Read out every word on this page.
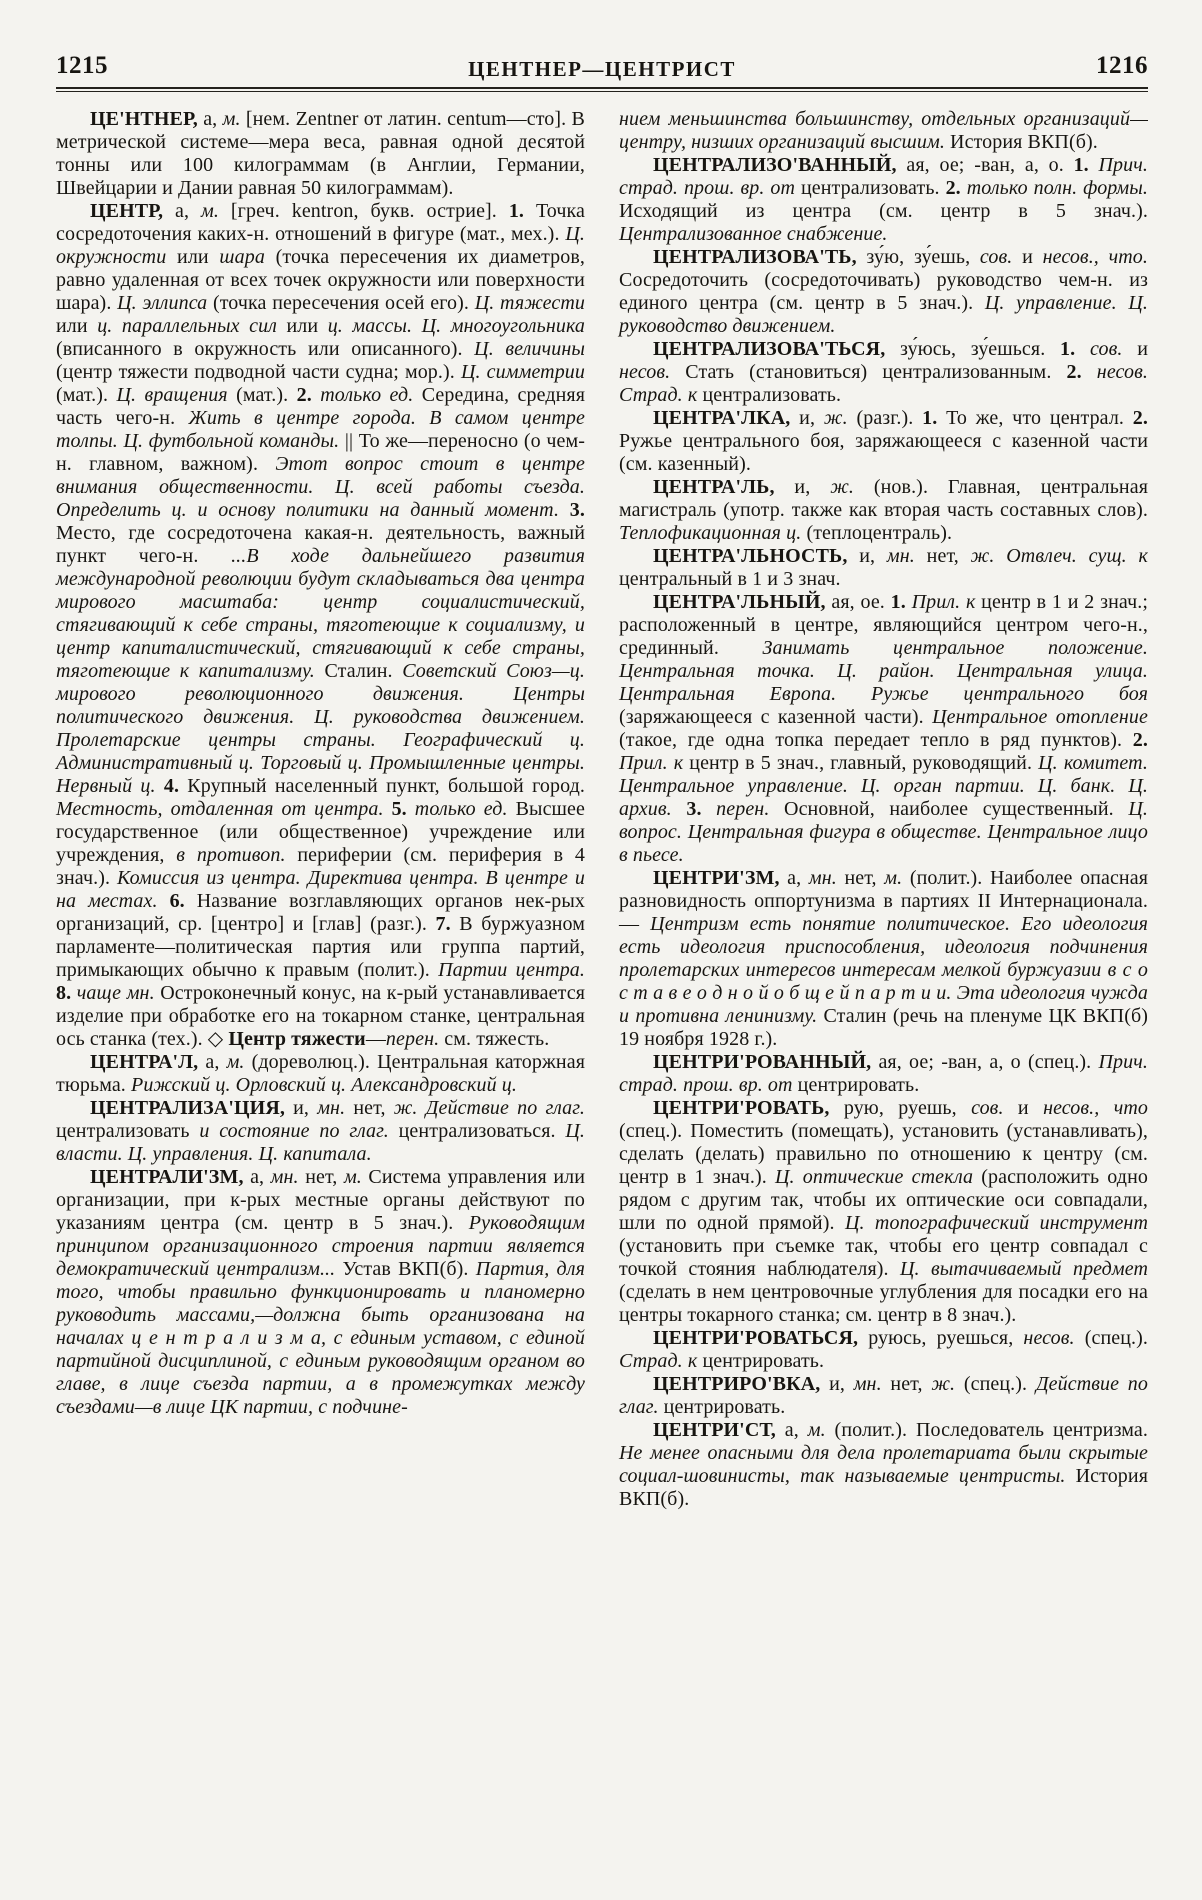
1215	ЦЕНТНЕР—ЦЕНТРИСТ	1216

ЦЕ'НТНЕР, а, м. [нем. Zentner от латин. centum—сто]. В метрической системе—мера веса, равная одной десятой тонны или 100 килограммам (в Англии, Германии, Швейцарии и Дании равная 50 килограммам).

ЦЕНТР, а, м. [греч. kentron, букв. острие]. 1. Точка сосредоточения каких-н. отношений в фигуре (мат., мех.). Ц. окружности или шара (точка пересечения их диаметров, равно удаленная от всех точек окружности или поверхности шара). Ц. эллипса (точка пересечения осей его). Ц. тяжести или ц. параллельных сил или ц. массы. Ц. многоугольника (вписанного в окружность или описанного). Ц. величины (центр тяжести подводной части судна; мор.). Ц. симметрии (мат.). Ц. вращения (мат.). 2. только ед. Середина, средняя часть чего-н. Жить в центре города. В самом центре толпы. Ц. футбольной команды. || То же—переносно (о чем-н. главном, важном). Этот вопрос стоит в центре внимания общественности. Ц. всей работы съезда. Определить ц. и основу политики на данный момент. 3. Место, где сосредоточена какая-н. деятельность, важный пункт чего-н. ...В ходе дальнейшего развития международной революции будут складываться два центра мирового масштаба: центр социалистический, стягивающий к себе страны, тяготеющие к социализму, и центр капиталистический, стягивающий к себе страны, тяготеющие к капитализму. Сталин. Советский Союз—ц. мирового революционного движения. Центры политического движения. Ц. руководства движением. Пролетарские центры страны. Географический ц. Административный ц. Торговый ц. Промышленные центры. Нервный ц. 4. Крупный населенный пункт, большой город. Местность, отдаленная от центра. 5. только ед. Высшее государственное (или общественное) учреждение или учреждения, в противоп. периферии (см. периферия в 4 знач.). Комиссия из центра. Директива центра. В центре и на местах. 6. Название возглавляющих органов нек-рых организаций, ср. [центро] и [глав] (разг.). 7. В буржуазном парламенте—политическая партия или группа партий, примыкающих обычно к правым (полит.). Партии центра. 8. чаще мн. Остроконечный конус, на к-рый устанавливается изделие при обработке его на токарном станке, центральная ось станка (тех.). ◇ Центр тяжести—перен. см. тяжесть.

ЦЕНТРА'Л, а, м. (дореволюц.). Центральная каторжная тюрьма. Рижский ц. Орловский ц. Александровский ц.

ЦЕНТРАЛИЗА'ЦИЯ, и, мн. нет, ж. Действие по глаг. централизовать и состояние по глаг. централизоваться. Ц. власти. Ц. управления. Ц. капитала.

ЦЕНТРАЛИ'ЗМ, а, мн. нет, м. Система управления или организации, при к-рых местные органы действуют по указаниям центра (см. центр в 5 знач.). Руководящим принципом организационного строения партии является демократический централизм... Устав ВКП(б). Партия, для того, чтобы правильно функционировать и планомерно руководить массами,—должна быть организована на началах ц е н т р а л и з м а, с единым уставом, с единой партийной дисциплиной, с единым руководящим органом во главе, в лице съезда партии, а в промежутках между съездами—в лице ЦК партии, с подчине-

нием меньшинства большинству, отдельных организаций—центру, низших организаций высшим. История ВКП(б).

ЦЕНТРАЛИЗО'ВАННЫЙ, ая, ое; -ван, а, о. 1. Прич. страд. прош. вр. от централизовать. 2. только полн. формы. Исходящий из центра (см. центр в 5 знач.). Централизованное снабжение.

ЦЕНТРАЛИЗОВА'ТЬ, зу́ю, зу́ешь, сов. и несов., что. Сосредоточить (сосредоточивать) руководство чем-н. из единого центра (см. центр в 5 знач.). Ц. управление. Ц. руководство движением.

ЦЕНТРАЛИЗОВА'ТЬСЯ, зу́юсь, зу́ешься. 1. сов. и несов. Стать (становиться) централизованным. 2. несов. Страд. к централизовать.

ЦЕНТРА'ЛКА, и, ж. (разг.). 1. То же, что централ. 2. Ружье центрального боя, заряжающееся с казенной части (см. казенный).

ЦЕНТРА'ЛЬ, и, ж. (нов.). Главная, центральная магистраль (употр. также как вторая часть составных слов). Теплофикационная ц. (теплоцентраль).

ЦЕНТРА'ЛЬНОСТЬ, и, мн. нет, ж. Отвлеч. сущ. к центральный в 1 и 3 знач.

ЦЕНТРА'ЛЬНЫЙ, ая, ое. 1. Прил. к центр в 1 и 2 знач.; расположенный в центре, являющийся центром чего-н., срединный. Занимать центральное положение. Центральная точка. Ц. район. Центральная улица. Центральная Европа. Ружье центрального боя (заряжающееся с казенной части). Центральное отопление (такое, где одна топка передает тепло в ряд пунктов). 2. Прил. к центр в 5 знач., главный, руководящий. Ц. комитет. Центральное управление. Ц. орган партии. Ц. банк. Ц. архив. 3. перен. Основной, наиболее существенный. Ц. вопрос. Центральная фигура в обществе. Центральное лицо в пьесе.

ЦЕНТРИ'ЗМ, а, мн. нет, м. (полит.). Наиболее опасная разновидность оппортунизма в партиях II Интернационала. — Центризм есть понятие политическое. Его идеология есть идеология приспособления, идеология подчинения пролетарских интересов интересам мелкой буржуазии в с о с т а в е о д н о й о б щ е й п а р т и и. Эта идеология чужда и противна ленинизму. Сталин (речь на пленуме ЦК ВКП(б) 19 ноября 1928 г.).

ЦЕНТРИ'РОВАННЫЙ, ая, ое; -ван, а, о (спец.). Прич. страд. прош. вр. от центрировать.

ЦЕНТРИ'РОВАТЬ, рую, руешь, сов. и несов., что (спец.). Поместить (помещать), установить (устанавливать), сделать (делать) правильно по отношению к центру (см. центр в 1 знач.). Ц. оптические стекла (расположить одно рядом с другим так, чтобы их оптические оси совпадали, шли по одной прямой). Ц. топографический инструмент (установить при съемке так, чтобы его центр совпадал с точкой стояния наблюдателя). Ц. вытачиваемый предмет (сделать в нем центровочные углубления для посадки его на центры токарного станка; см. центр в 8 знач.).

ЦЕНТРИ'РОВАТЬСЯ, руюсь, руешься, несов. (спец.). Страд. к центрировать.

ЦЕНТРИРО'ВКА, и, мн. нет, ж. (спец.). Действие по глаг. центрировать.

ЦЕНТРИ'СТ, а, м. (полит.). Последователь центризма. Не менее опасными для дела пролетариата были скрытые социал-шовинисты, так называемые центристы. История ВКП(б).
